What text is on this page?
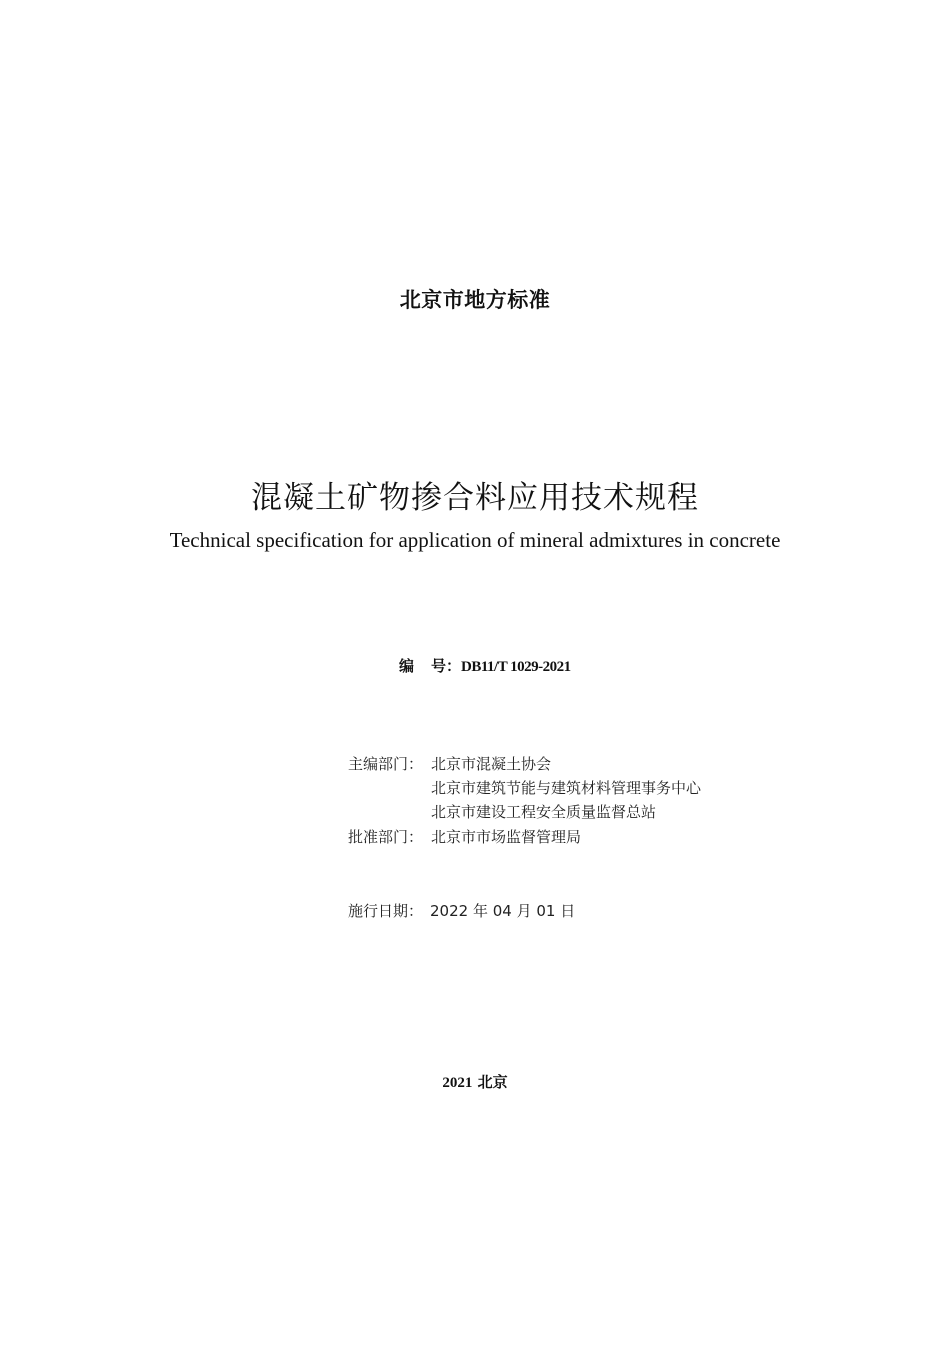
北京市地方标准
混凝土矿物掺合料应用技术规程
Technical specification for application of mineral admixtures in concrete
编 号：DB11/T 1029-2021
主编部门： 北京市混凝土协会
北京市建筑节能与建筑材料管理事务中心
北京市建设工程安全质量监督总站
批准部门： 北京市市场监督管理局
施行日期： 2022 年 04 月 01 日
2021 北京
